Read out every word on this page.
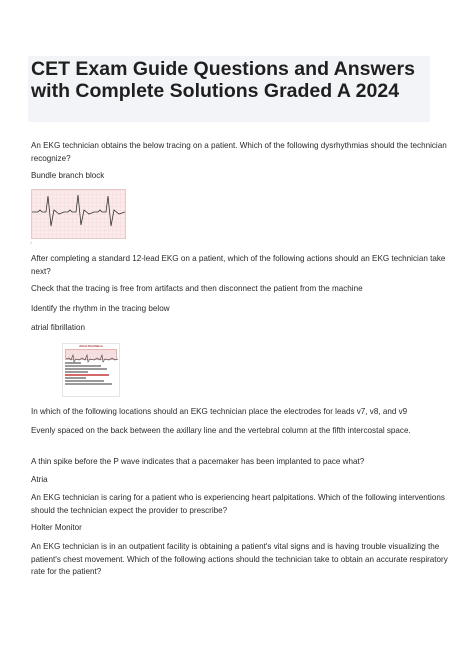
CET Exam Guide Questions and Answers with Complete Solutions Graded A 2024

An EKG technician obtains the below tracing on a patient. Which of the following dysrhythmias should the technician recognize?

Bundle branch block

⁄

After completing a standard 12-lead EKG on a patient, which of the following actions should an EKG technician take next?

Check that the tracing is free from artifacts and then disconnect the patient from the machine

Identify the rhythm in the tracing below

atrial fibrillation

Atrial Fibrillation

In which of the following locations should an EKG technician place the electrodes for leads v7, v8, and v9

Evenly spaced on the back between the axillary line and the vertebral column at the fifth intercostal space.

A thin spike before the P wave indicates that a pacemaker has been implanted to pace what?

Atria

An EKG technician is caring for a patient who is experiencing heart palpitations. Which of the following interventions should the technician expect the provider to prescribe?

Holter Monitor

An EKG technician is in an outpatient facility is obtaining a patient's vital signs and is having trouble visualizing the patient's chest movement. Which of the following actions should the technician take to obtain an accurate respiratory rate for the patient?
